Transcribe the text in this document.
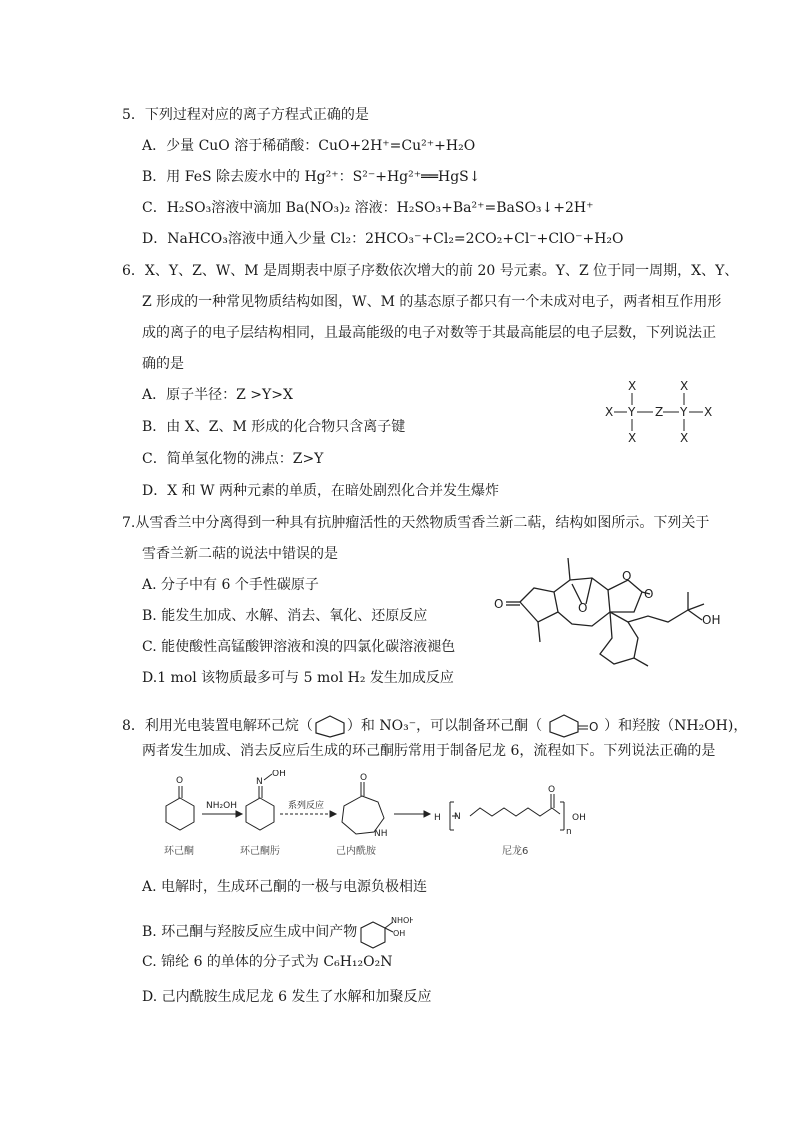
5．下列过程对应的离子方程式正确的是
A．少量 CuO 溶于稀硝酸：CuO+2H⁺=Cu²⁺+H₂O
B．用 FeS 除去废水中的 Hg²⁺：S²⁻+Hg²⁺══HgS↓
C．H₂SO₃溶液中滴加 Ba(NO₃)₂ 溶液：H₂SO₃+Ba²⁺=BaSO₃↓+2H⁺
D．NaHCO₃溶液中通入少量 Cl₂：2HCO₃⁻+Cl₂=2CO₂+Cl⁻+ClO⁻+H₂O
6．X、Y、Z、W、M 是周期表中原子序数依次增大的前 20 号元素。Y、Z 位于同一周期，X、Y、
Z 形成的一种常见物质结构如图，W、M 的基态原子都只有一个未成对电子，两者相互作用形
成的离子的电子层结构相同，且最高能级的电子对数等于其最高能层的电子层数，下列说法正
确的是
A．原子半径：Z >Y>X
B．由 X、Z、M 形成的化合物只含离子键
C．简单氢化物的沸点：Z>Y
D．X 和 W 两种元素的单质，在暗处剧烈化合并发生爆炸
X	X
X Y Z Y X
X	X
7.从雪香兰中分离得到一种具有抗肿瘤活性的天然物质雪香兰新二萜，结构如图所示。下列关于
雪香兰新二萜的说法中错误的是
A. 分子中有 6 个手性碳原子
B. 能发生加成、水解、消去、氧化、还原反应
C. 能使酸性高锰酸钾溶液和溴的四氯化碳溶液褪色
D.1 mol 该物质最多可与 5 mol H₂ 发生加成反应
O	O
O
O
OH
8．利用光电装置电解环己烷（ ）和 NO₃⁻，可以制备环己酮（	O ）和羟胺（NH₂OH)，
两者发生加成、消去反应后生成的环己酮肟常用于制备尼龙 6，流程如下。下列说法正确的是
O
NH₂OH
N
OH
系列反应
O
NH
H N
O
n
OH
环己酮	环己酮肟	己内酰胺	尼龙6
A. 电解时，生成环己酮的一极与电源负极相连
B. 环己酮与羟胺反应生成中间产物
NHOH
OH
C. 锦纶 6 的单体的分子式为 C₆H₁₂O₂N
D. 己内酰胺生成尼龙 6 发生了水解和加聚反应
